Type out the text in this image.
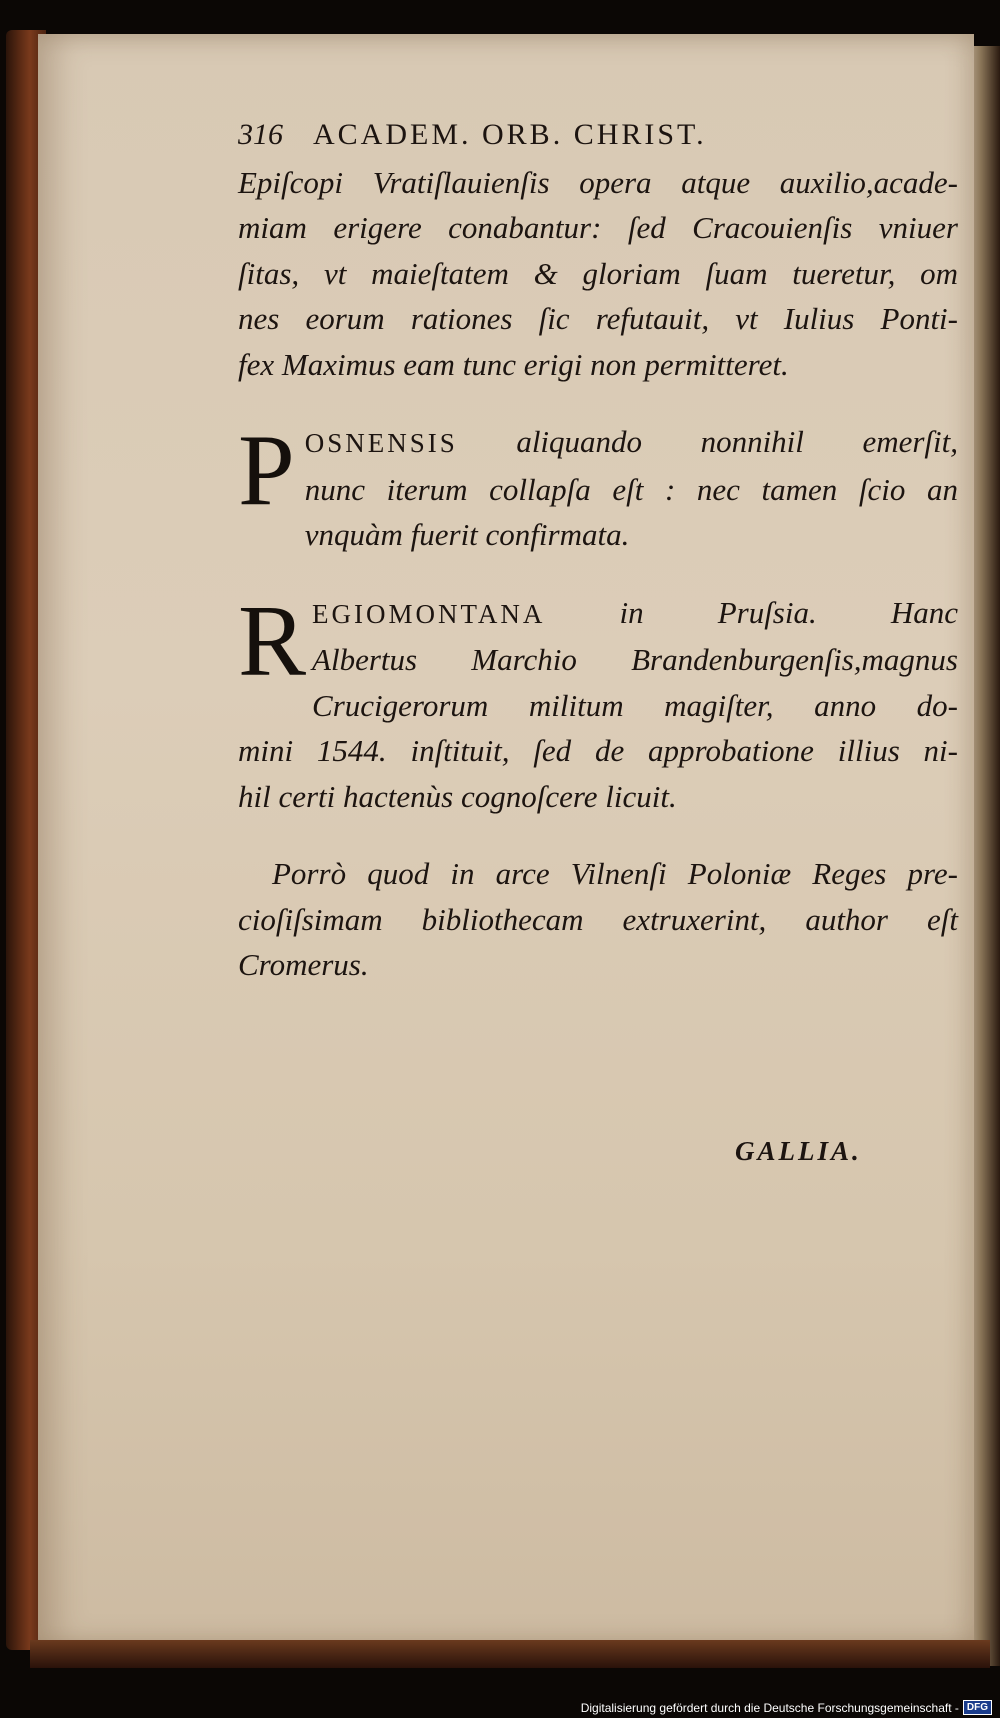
316 ACADEM. ORB. CHRIST.
Epiſcopi Vratiſlauienſis opera atque auxilio,acade-
miam erigere conabantur: ſed Cracouienſis vniuer
ſitas, vt maieſtatem & gloriam ſuam tueretur, om
nes eorum rationes ſic refutauit, vt Iulius Ponti-
fex Maximus eam tunc erigi non permitteret.
P OSNENSIS aliquando nonnihil emerſit,
nunc iterum collapſa eſt : nec tamen ſcio an
vnquàm fuerit confirmata.
R EGIOMONTANA in Pruſsia. Hanc
Albertus Marchio Brandenburgenſis,magnus
Crucigerorum militum magiſter, anno do-
mini 1544. inſtituit, ſed de approbatione illius ni-
hil certi hactenùs cognoſcere licuit.
Porrò quod in arce Vilnenſi Poloniæ Reges pre-
cioſiſsimam bibliothecam extruxerint, author eſt
Cromerus.
GALLIA.
Digitalisierung gefördert durch die Deutsche Forschungsgemeinschaft - DFG
